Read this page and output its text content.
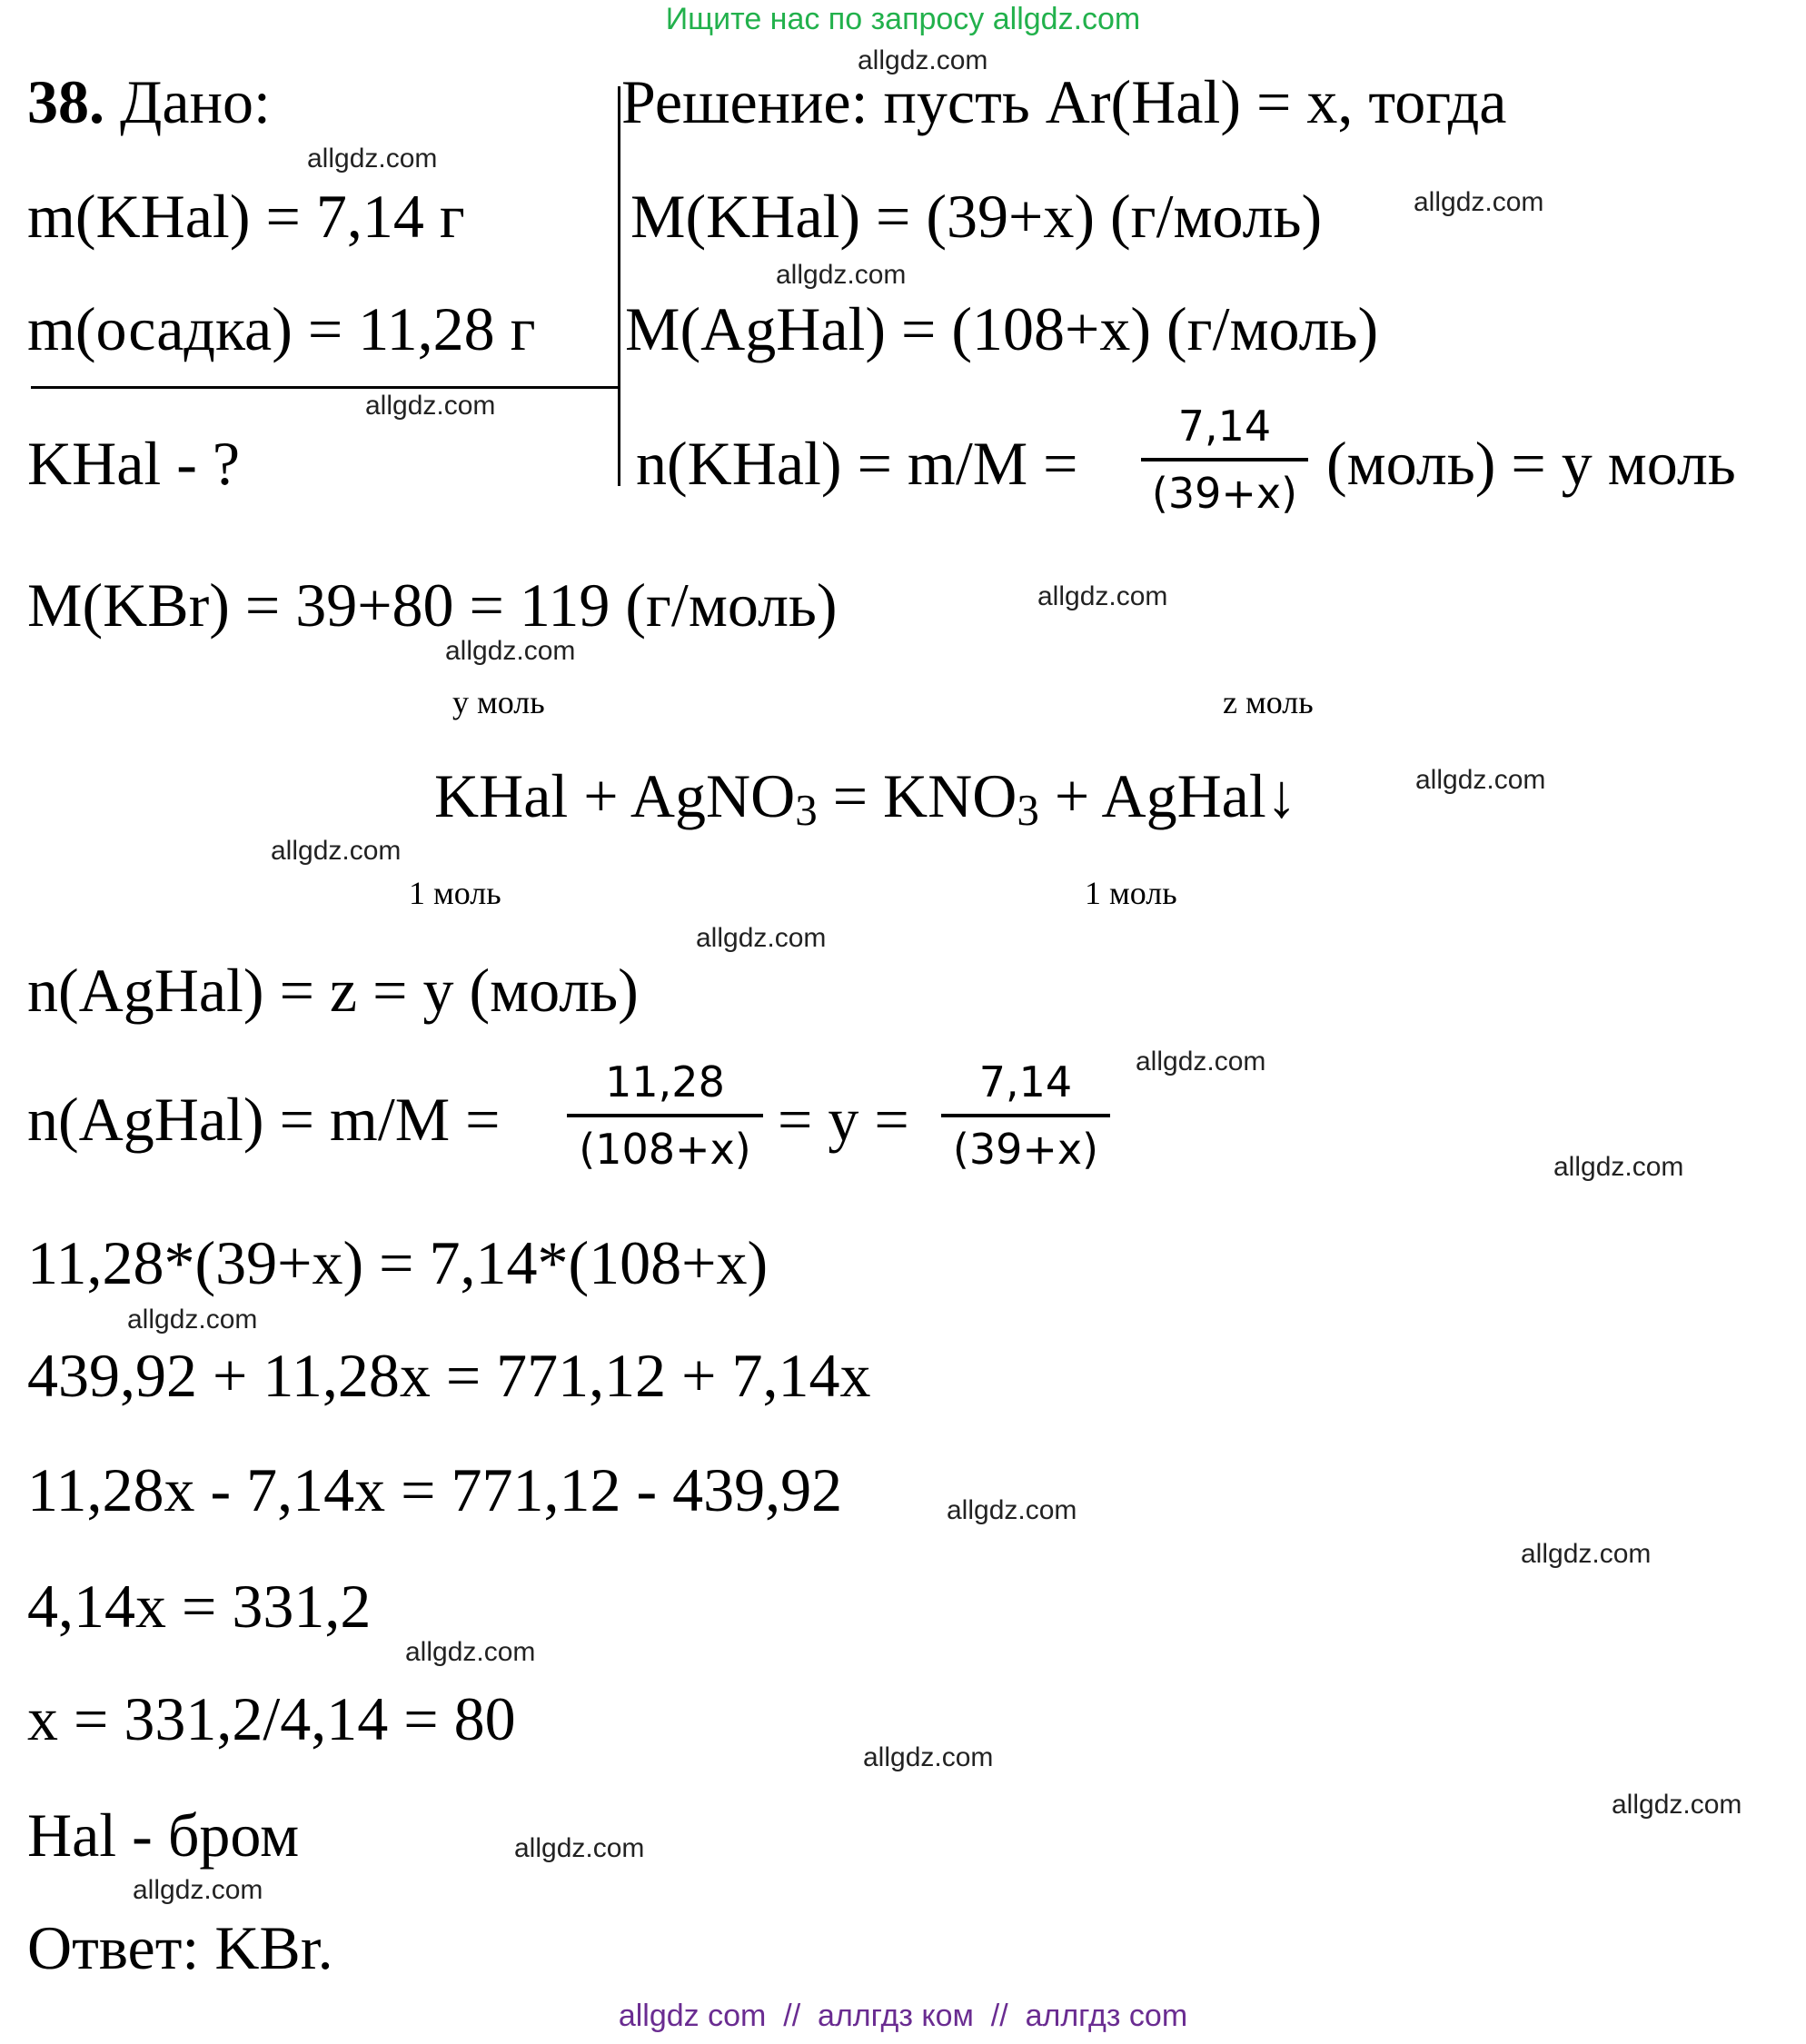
Ищите нас по запросу allgdz.com
38. Дано:
m(KHal) = 7,14 г
m(осадка) = 11,28 г
KHal - ?
Решение: пусть Ar(Hal) = x, тогда
M(KHal) = (39+x) (г/моль)
M(AgHal) = (108+x) (г/моль)
n(KHal) = m/M =
7,14
(39+x) (моль) = y моль
M(KBr) = 39+80 = 119 (г/моль)
y моль	z моль
KHal + AgNO$_3$ = $KNO_3$ + AgHal↓
1 моль	1 моль
n(AgHal) = z = y (моль)
n(AgHal) = m/M =
11,28
(108+x) = y =
7,14
(39+x)
11,28*(39+x) = 7,14*(108+x)
439,92 + 11,28x = 771,12 + 7,14x
11,28x - 7,14x = 771,12 - 439,92
4,14x = 331,2
x = 331,2/4,14 = 80
Hal - бром
Ответ: KBr.
allgdz.com
allgdz.com
allgdz.com
allgdz.com
allgdz.com
allgdz.com
allgdz.com
allgdz.com
allgdz.com
allgdz.com
allgdz.com
allgdz.com
allgdz.com
allgdz.com
allgdz.com
allgdz.com
allgdz.com
allgdz.com
allgdz.com
allgdz.com
allgdz com  //  аллгдз ком  //  аллгдз com
